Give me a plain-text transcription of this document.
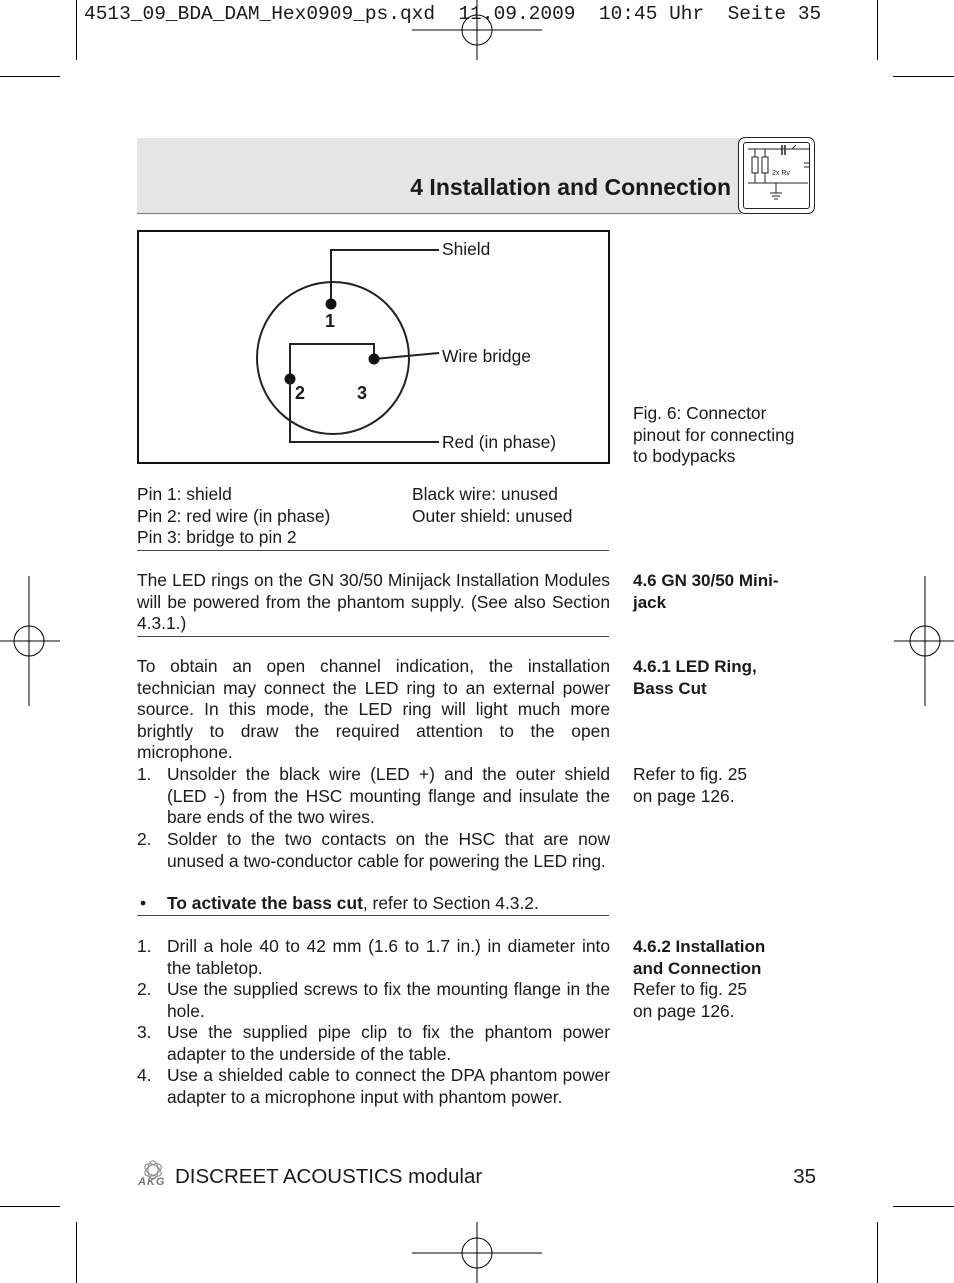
4513_09_BDA_DAM_Hex0909_ps.qxd  11.09.2009  10:45 Uhr  Seite 35
4 Installation and Connection
2x Rv
1
2	3
Shield
Wire bridge
Red (in phase)
Fig. 6: Connector
pinout for connecting
to bodypacks
Pin 1: shield
Pin 2: red wire (in phase)
Pin 3: bridge to pin 2
Black wire: unused
Outer shield: unused
4.6 GN 30/50 Mini-
jack
The LED rings on the GN 30/50 Minijack Installation Modules will be powered from the phantom supply. (See also Section 4.3.1.)
4.6.1 LED Ring,
Bass Cut
To obtain an open channel indication, the installation technician may connect the LED ring to an external power source. In this mode, the LED ring will light much more brightly to draw the required attention to the open microphone.
1. Unsolder the black wire (LED +) and the outer shield (LED -) from the HSC mounting flange and insulate the bare ends of the two wires.
2. Solder to the two contacts on the HSC that are now unused a two-conductor cable for powering the LED ring.
• To activate the bass cut, refer to Section 4.3.2.
Refer to fig. 25
on page 126.
4.6.2 Installation
and Connection
Refer to fig. 25
on page 126.
1. Drill a hole 40 to 42 mm (1.6 to 1.7 in.) in diameter into the tabletop.
2. Use the supplied screws to fix the mounting flange in the hole.
3. Use the supplied pipe clip to fix the phantom power adapter to the underside of the table.
4. Use a shielded cable to connect the DPA phantom power adapter to a microphone input with phantom power.
AKG DISCREET ACOUSTICS modular	35
